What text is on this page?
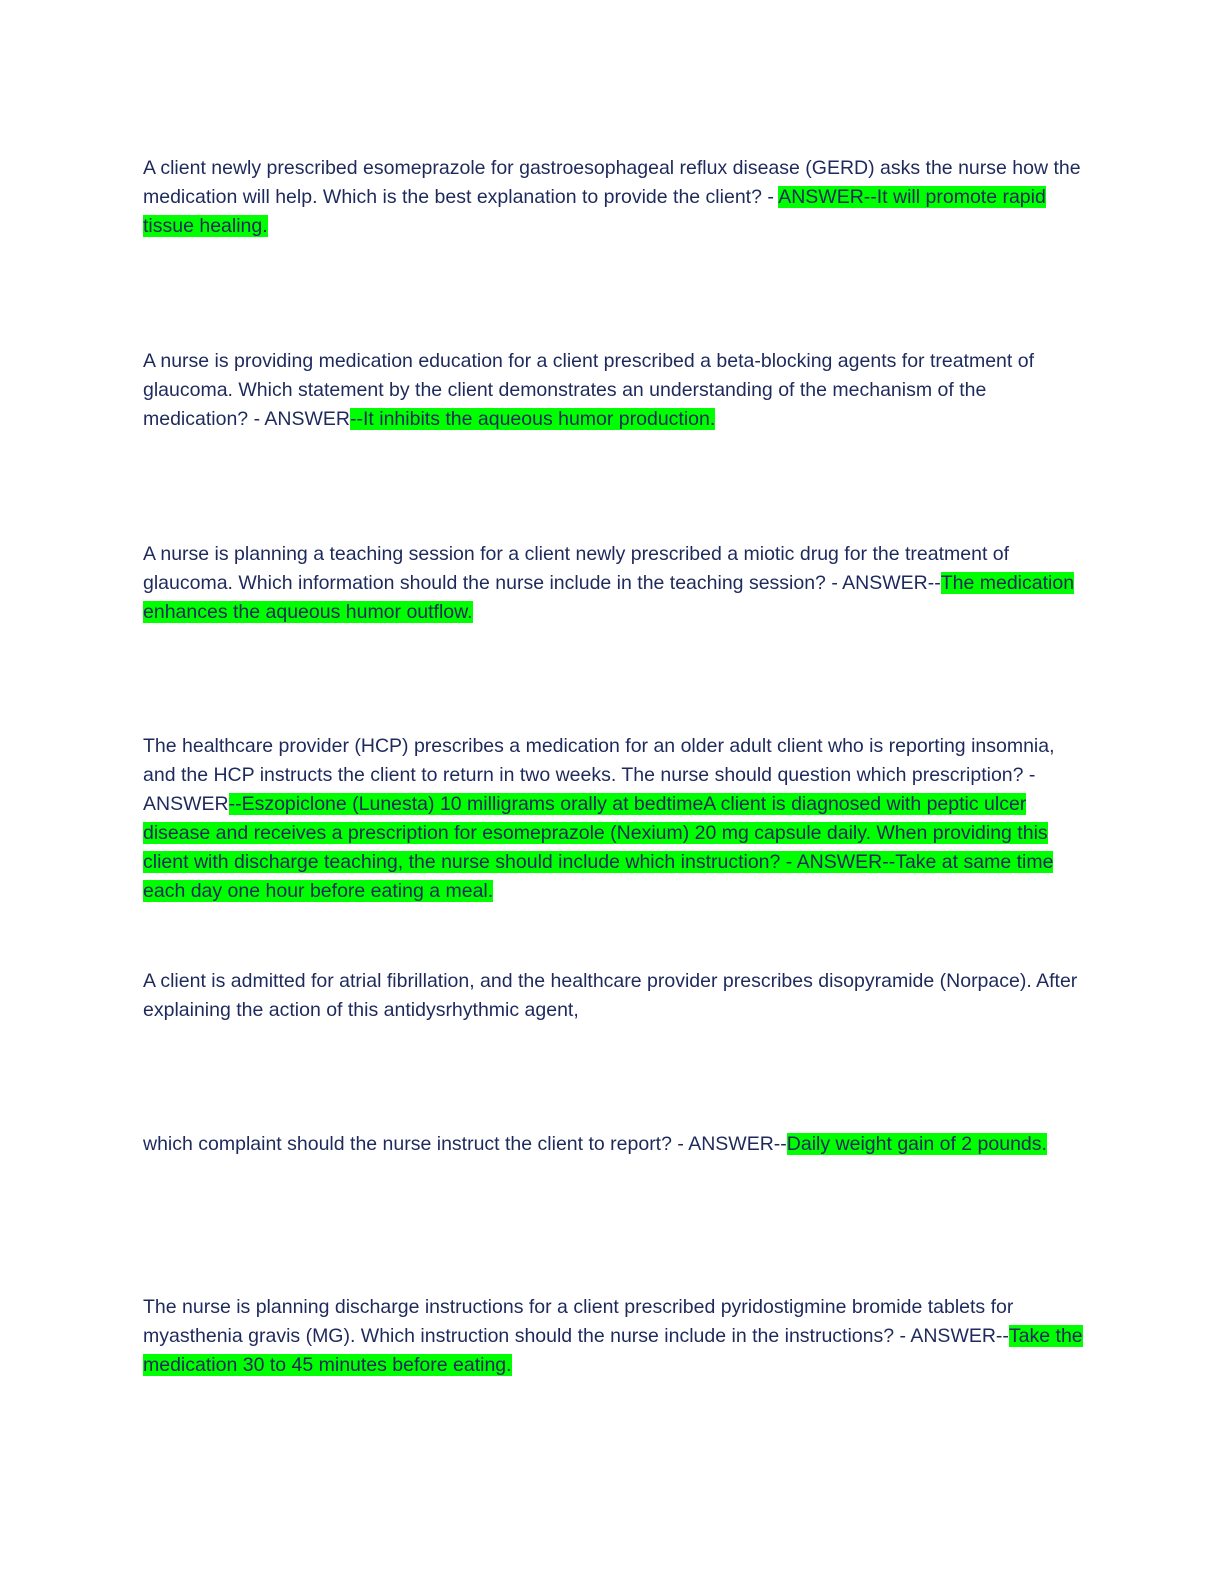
A client newly prescribed esomeprazole for gastroesophageal reflux disease (GERD) asks the nurse how the medication will help. Which is the best explanation to provide the client? - ANSWER--It will promote rapid tissue healing.

A nurse is providing medication education for a client prescribed a beta-blocking agents for treatment of glaucoma. Which statement by the client demonstrates an understanding of the mechanism of the medication? - ANSWER--It inhibits the aqueous humor production.

A nurse is planning a teaching session for a client newly prescribed a miotic drug for the treatment of glaucoma. Which information should the nurse include in the teaching session? - ANSWER--The medication enhances the aqueous humor outflow.

The healthcare provider (HCP) prescribes a medication for an older adult client who is reporting insomnia, and the HCP instructs the client to return in two weeks. The nurse should question which prescription? - ANSWER--Eszopiclone (Lunesta) 10 milligrams orally at bedtimeA client is diagnosed with peptic ulcer disease and receives a prescription for esomeprazole (Nexium) 20 mg capsule daily. When providing this client with discharge teaching, the nurse should include which instruction? - ANSWER--Take at same time each day one hour before eating a meal.

A client is admitted for atrial fibrillation, and the healthcare provider prescribes disopyramide (Norpace). After explaining the action of this antidysrhythmic agent,

which complaint should the nurse instruct the client to report? - ANSWER--Daily weight gain of 2 pounds.

The nurse is planning discharge instructions for a client prescribed pyridostigmine bromide tablets for myasthenia gravis (MG). Which instruction should the nurse include in the instructions? - ANSWER--Take the medication 30 to 45 minutes before eating.
